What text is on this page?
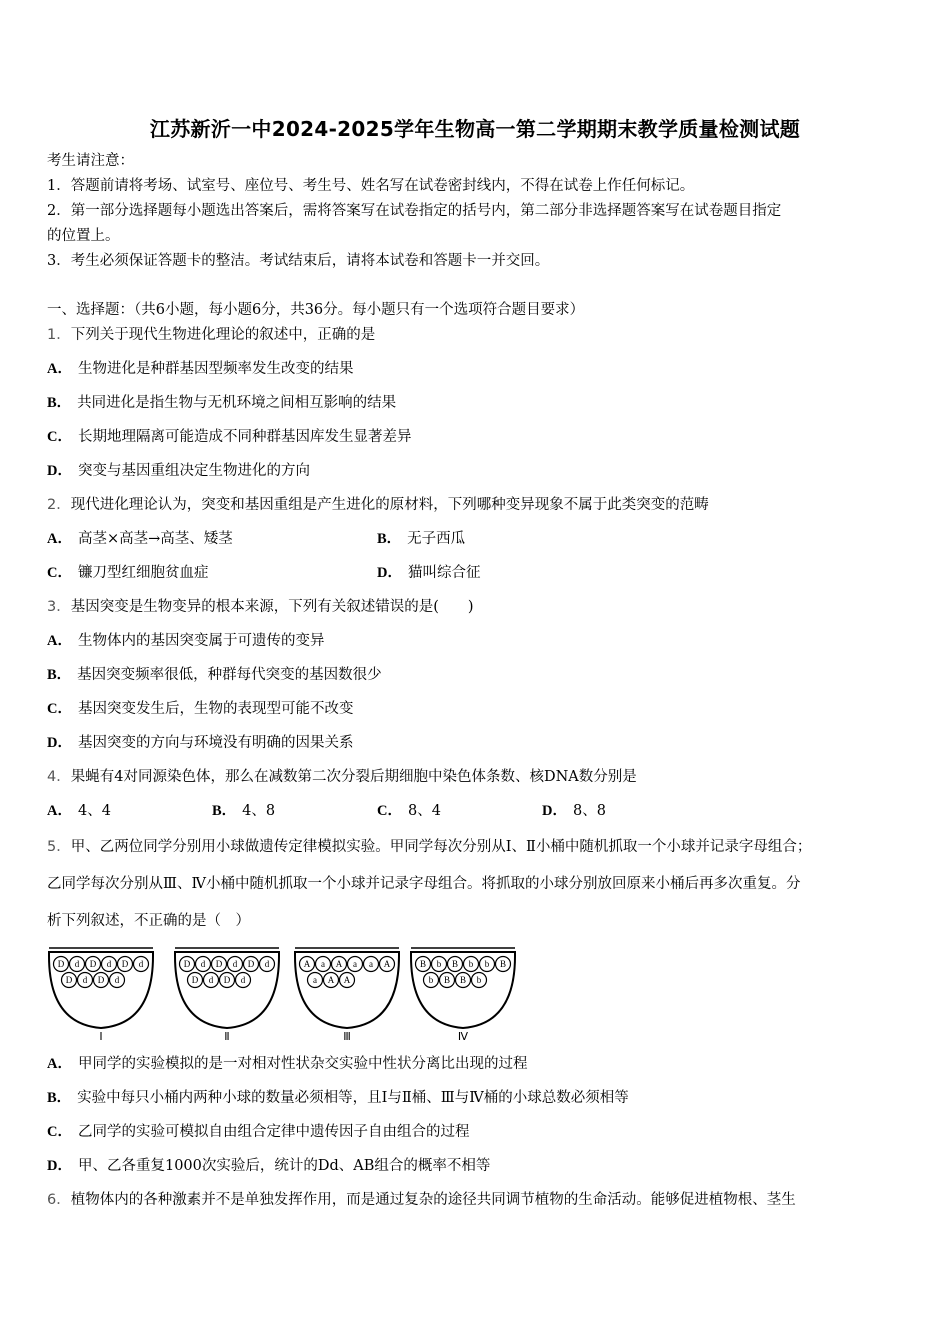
江苏新沂一中2024-2025学年生物高一第二学期期末教学质量检测试题
考生请注意：
1．答题前请将考场、试室号、座位号、考生号、姓名写在试卷密封线内，不得在试卷上作任何标记。
2．第一部分选择题每小题选出答案后，需将答案写在试卷指定的括号内，第二部分非选择题答案写在试卷题目指定
的位置上。
3．考生必须保证答题卡的整洁。考试结束后，请将本试卷和答题卡一并交回。
一、选择题：（共6小题，每小题6分，共36分。每小题只有一个选项符合题目要求）
1．下列关于现代生物进化理论的叙述中，正确的是
A． 生物进化是种群基因型频率发生改变的结果
B． 共同进化是指生物与无机环境之间相互影响的结果
C． 长期地理隔离可能造成不同种群基因库发生显著差异
D． 突变与基因重组决定生物进化的方向
2．现代进化理论认为，突变和基因重组是产生进化的原材料，下列哪种变异现象不属于此类突变的范畴
A． 高茎×高茎→高茎、矮茎	B． 无子西瓜
C． 镰刀型红细胞贫血症	D． 猫叫综合征
3．基因突变是生物变异的根本来源，下列有关叙述错误的是(　　)
A． 生物体内的基因突变属于可遗传的变异
B． 基因突变频率很低，种群每代突变的基因数很少
C． 基因突变发生后，生物的表现型可能不改变
D． 基因突变的方向与环境没有明确的因果关系
4．果蝇有4对同源染色体，那么在减数第二次分裂后期细胞中染色体条数、核DNA数分别是
A． 4、4	B． 4、8	C． 8、4	D． 8、8
5．甲、乙两位同学分别用小球做遗传定律模拟实验。甲同学每次分别从Ⅰ、Ⅱ小桶中随机抓取一个小球并记录字母组合；
乙同学每次分别从Ⅲ、Ⅳ小桶中随机抓取一个小球并记录字母组合。将抓取的小球分别放回原来小桶后再多次重复。分
析下列叙述，不正确的是（　）
D d D d D d
D d D d
Ⅰ
D d D d D d
D d D d
Ⅱ
A a A a a A
a A A
Ⅲ
B b B b b B
b B B b
Ⅳ
A． 甲同学的实验模拟的是一对相对性状杂交实验中性状分离比出现的过程
B． 实验中每只小桶内两种小球的数量必须相等，且Ⅰ与Ⅱ桶、Ⅲ与Ⅳ桶的小球总数必须相等
C． 乙同学的实验可模拟自由组合定律中遗传因子自由组合的过程
D． 甲、乙各重复1000次实验后，统计的Dd、AB组合的概率不相等
6．植物体内的各种激素并不是单独发挥作用，而是通过复杂的途径共同调节植物的生命活动。能够促进植物根、茎生
